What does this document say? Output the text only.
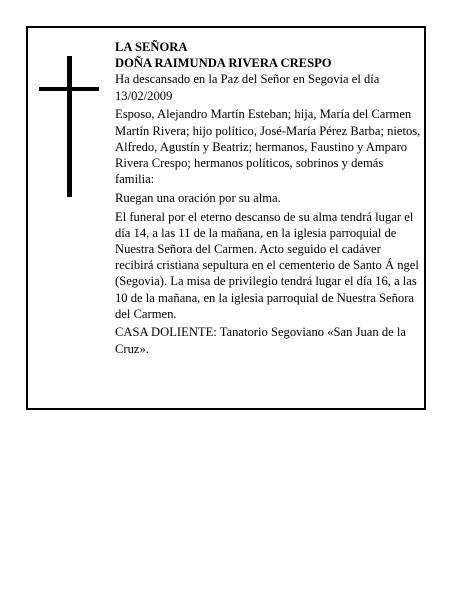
LA SEÑORA

DOÑA RAIMUNDA RIVERA CRESPO

Ha descansado en la Paz del Señor en Segovia el día 13/02/2009

Esposo, Alejandro Martín Esteban; hija, María del Carmen Martín Rivera; hijo político, José-María Pérez Barba; nietos, Alfredo, Agustín y Beatriz; hermanos, Faustino y Amparo Rivera Crespo; hermanos políticos, sobrinos y demás familia:

Ruegan una oración por su alma.

El funeral por el eterno descanso de su alma tendrá lugar el día 14, a las 11 de la mañana, en la iglesia parroquial de Nuestra Señora del Carmen. Acto seguido el cadáver recibirá cristiana sepultura en el cementerio de Santo Á ngel (Segovia). La misa de privilegio tendrá lugar el día 16, a las 10 de la mañana, en la iglesia parroquial de Nuestra Señora del Carmen.

CASA DOLIENTE: Tanatorio Segoviano «San Juan de la Cruz».
